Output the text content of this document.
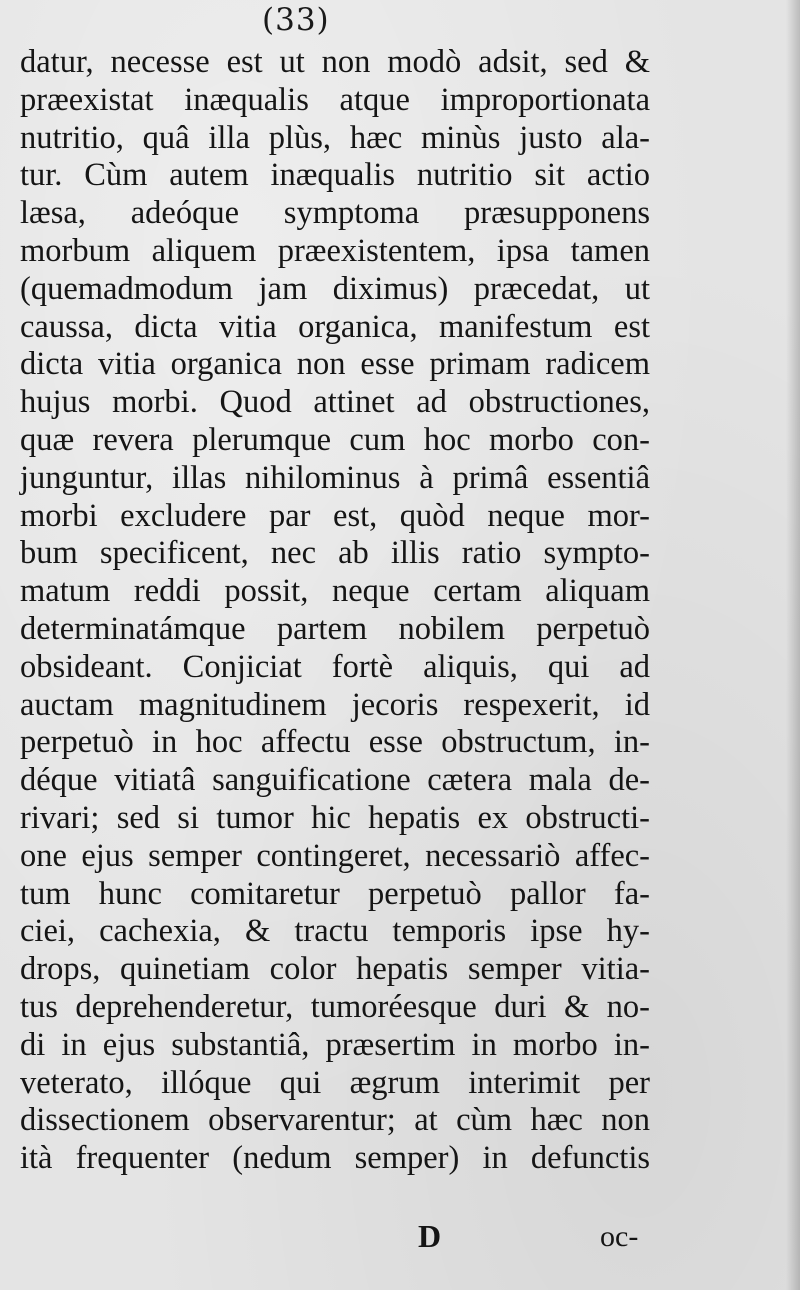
(33)
datur, necesse est ut non modò adsit, sed &
præexistat inæqualis atque improportionata
nutritio, quâ illa plùs, hæc minùs justo ala-
tur. Cùm autem inæqualis nutritio sit actio
læsa, adeóque symptoma præsupponens
morbum aliquem præexistentem, ipsa tamen
(quemadmodum jam diximus) præcedat, ut
caussa, dicta vitia organica, manifestum est
dicta vitia organica non esse primam radicem
hujus morbi. Quod attinet ad obstructiones,
quæ revera plerumque cum hoc morbo con-
junguntur, illas nihilominus à primâ essentiâ
morbi excludere par est, quòd neque mor-
bum specificent, nec ab illis ratio sympto-
matum reddi possit, neque certam aliquam
determinatámque partem nobilem perpetuò
obsideant. Conjiciat fortè aliquis, qui ad
auctam magnitudinem jecoris respexerit, id
perpetuò in hoc affectu esse obstructum, in-
déque vitiatâ sanguificatione cætera mala de-
rivari; sed si tumor hic hepatis ex obstructi-
one ejus semper contingeret, necessariò affec-
tum hunc comitaretur perpetuò pallor fa-
ciei, cachexia, & tractu temporis ipse hy-
drops, quinetiam color hepatis semper vitia-
tus deprehenderetur, tumoréesque duri & no-
di in ejus substantiâ, præsertim in morbo in-
veterato, illóque qui ægrum interimit per
dissectionem observarentur; at cùm hæc non
ità frequenter (nedum semper) in defunctis
D	oc-
